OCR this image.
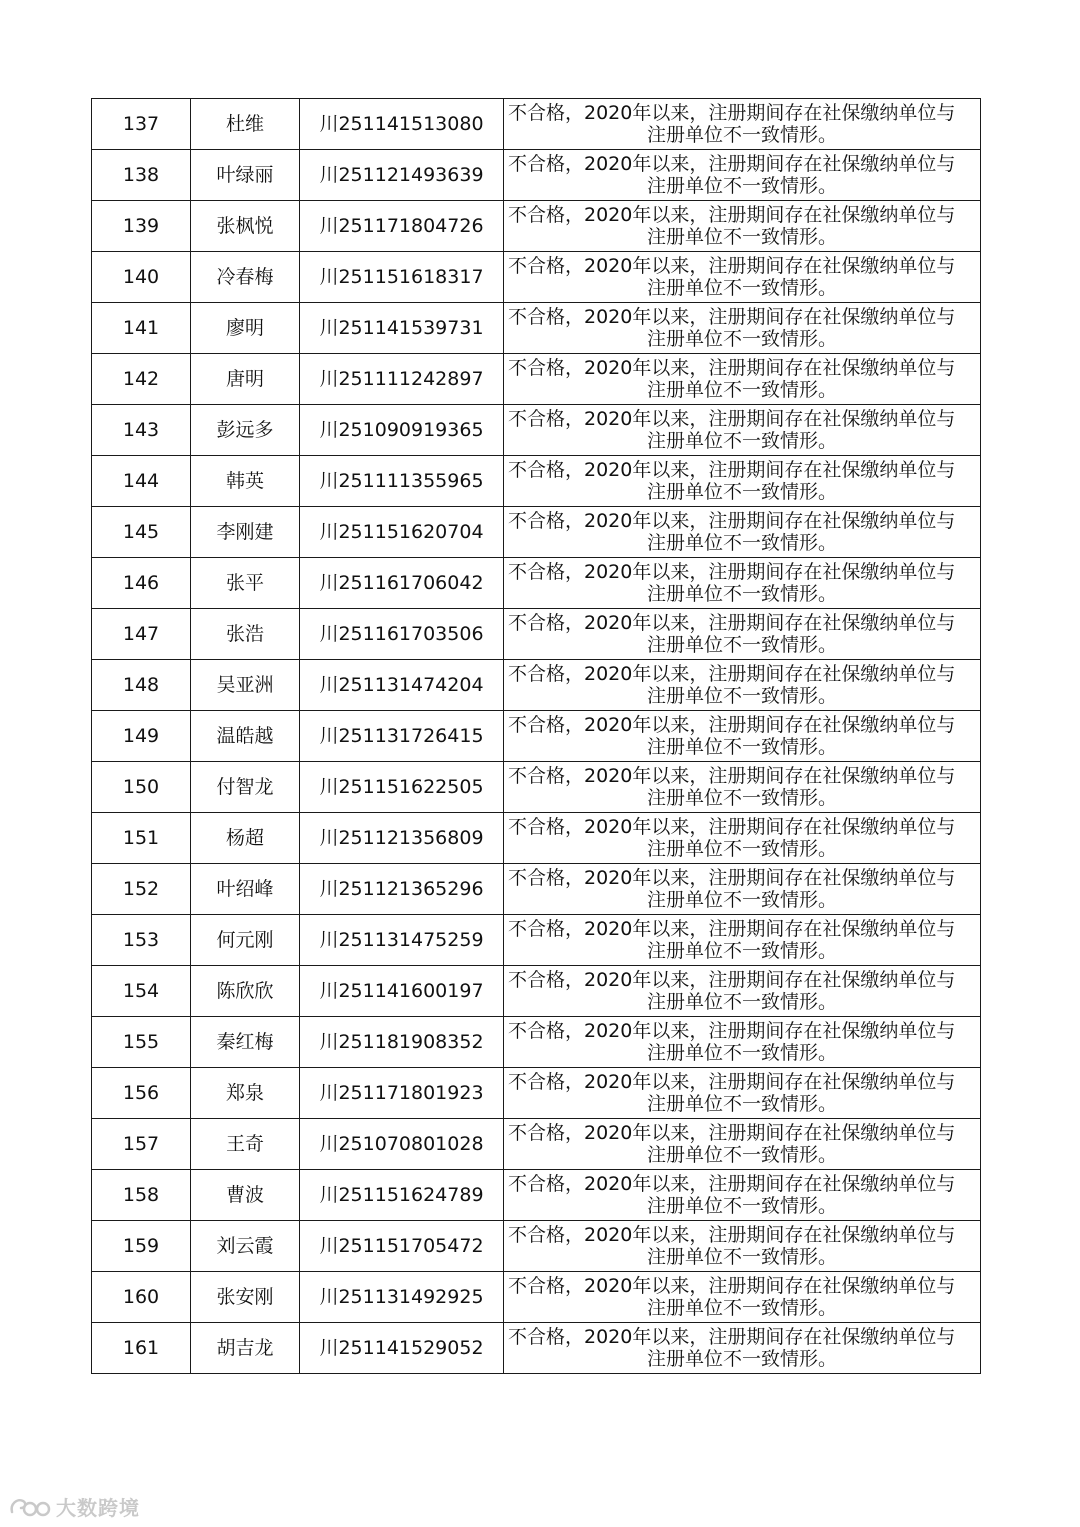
137	杜维	川251141513080	不合格，2020年以来，注册期间存在社保缴纳单位与
注册单位不一致情形。

138	叶绿丽	川251121493639	不合格，2020年以来，注册期间存在社保缴纳单位与
注册单位不一致情形。

139	张枫悦	川251171804726	不合格，2020年以来，注册期间存在社保缴纳单位与
注册单位不一致情形。

140	冷春梅	川251151618317	不合格，2020年以来，注册期间存在社保缴纳单位与
注册单位不一致情形。

141	廖明	川251141539731	不合格，2020年以来，注册期间存在社保缴纳单位与
注册单位不一致情形。

142	唐明	川251111242897	不合格，2020年以来，注册期间存在社保缴纳单位与
注册单位不一致情形。

143	彭远多	川251090919365	不合格，2020年以来，注册期间存在社保缴纳单位与
注册单位不一致情形。

144	韩英	川251111355965	不合格，2020年以来，注册期间存在社保缴纳单位与
注册单位不一致情形。

145	李刚建	川251151620704	不合格，2020年以来，注册期间存在社保缴纳单位与
注册单位不一致情形。

146	张平	川251161706042	不合格，2020年以来，注册期间存在社保缴纳单位与
注册单位不一致情形。

147	张浩	川251161703506	不合格，2020年以来，注册期间存在社保缴纳单位与
注册单位不一致情形。

148	吴亚洲	川251131474204	不合格，2020年以来，注册期间存在社保缴纳单位与
注册单位不一致情形。

149	温皓越	川251131726415	不合格，2020年以来，注册期间存在社保缴纳单位与
注册单位不一致情形。

150	付智龙	川251151622505	不合格，2020年以来，注册期间存在社保缴纳单位与
注册单位不一致情形。

151	杨超	川251121356809	不合格，2020年以来，注册期间存在社保缴纳单位与
注册单位不一致情形。

152	叶绍峰	川251121365296	不合格，2020年以来，注册期间存在社保缴纳单位与
注册单位不一致情形。

153	何元刚	川251131475259	不合格，2020年以来，注册期间存在社保缴纳单位与
注册单位不一致情形。

154	陈欣欣	川251141600197	不合格，2020年以来，注册期间存在社保缴纳单位与
注册单位不一致情形。

155	秦红梅	川251181908352	不合格，2020年以来，注册期间存在社保缴纳单位与
注册单位不一致情形。

156	郑泉	川251171801923	不合格，2020年以来，注册期间存在社保缴纳单位与
注册单位不一致情形。

157	王奇	川251070801028	不合格，2020年以来，注册期间存在社保缴纳单位与
注册单位不一致情形。

158	曹波	川251151624789	不合格，2020年以来，注册期间存在社保缴纳单位与
注册单位不一致情形。

159	刘云霞	川251151705472	不合格，2020年以来，注册期间存在社保缴纳单位与
注册单位不一致情形。

160	张安刚	川251131492925	不合格，2020年以来，注册期间存在社保缴纳单位与
注册单位不一致情形。

161	胡吉龙	川251141529052	不合格，2020年以来，注册期间存在社保缴纳单位与
注册单位不一致情形。
大数跨境
